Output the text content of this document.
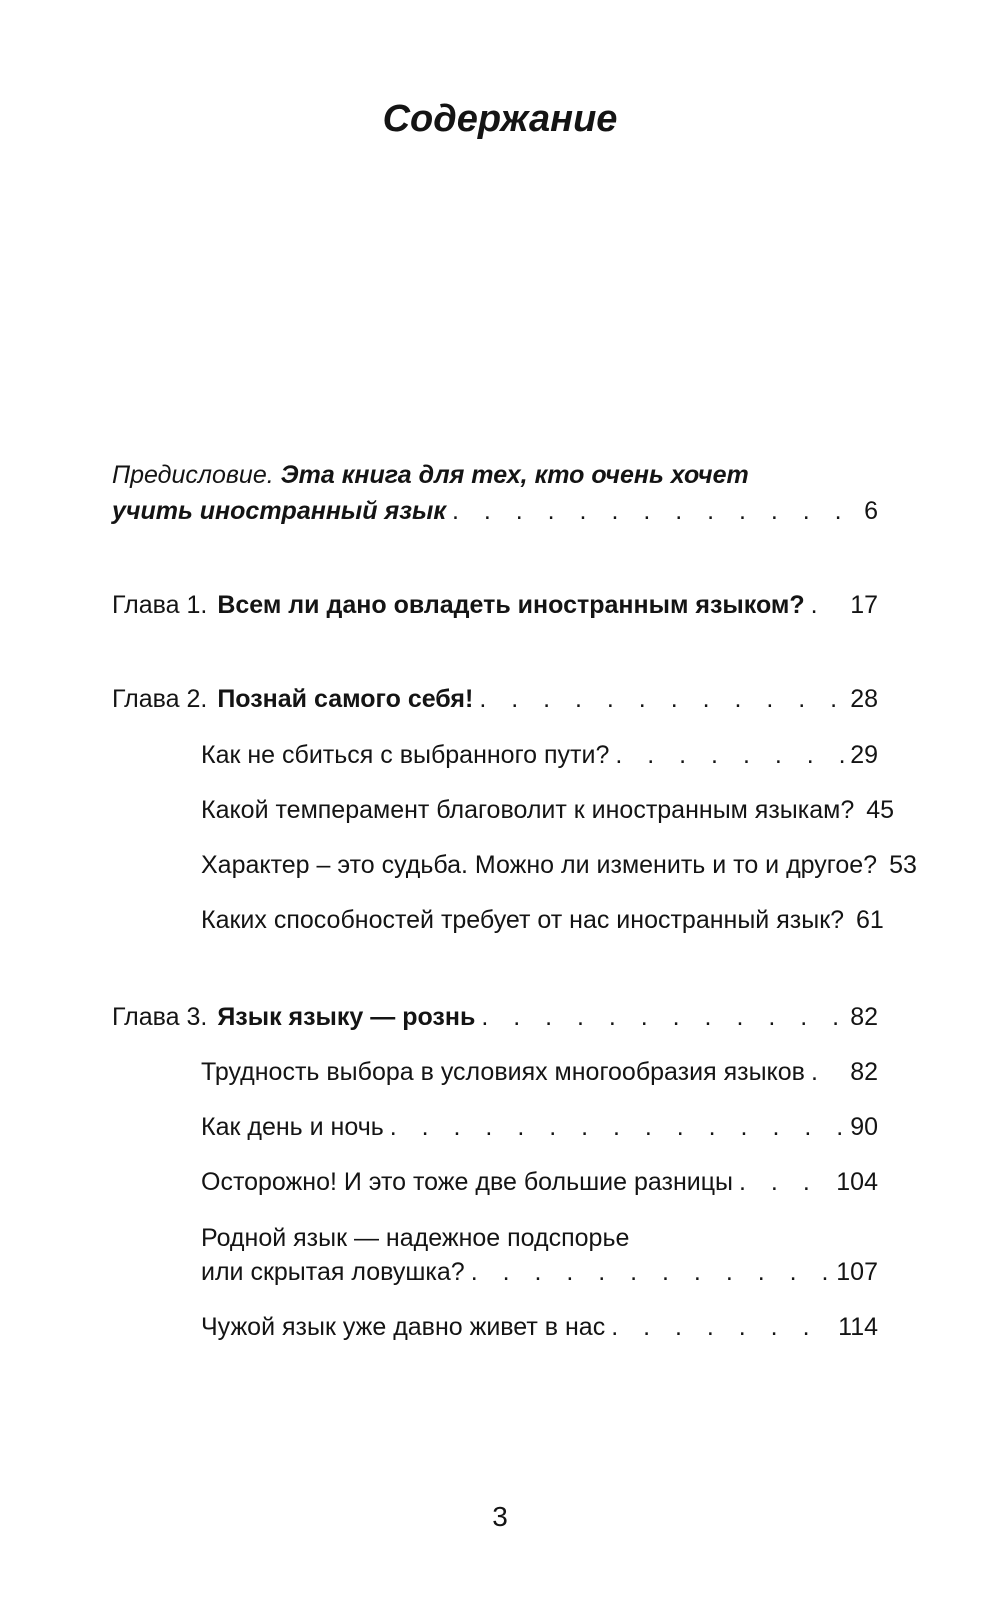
Содержание
Предисловие. Эта книга для тех, кто очень хочет
учить иностранный язык . . .	6
Глава 1. Всем ли дано овладеть иностранным языком? . . . 17
Глава 2. Познай самого себя! . . .	28
Как не сбиться с выбранного пути? . . .	29
Какой темперамент благоволит к иностранным языкам? 45
Характер – это судьба. Можно ли изменить и то и другое? 53
Каких способностей требует от нас иностранный язык? 61
Глава 3. Язык языку — рознь . . .	82
Трудность выбора в условиях многообразия языков . . . 82
Как день и ночь . . .	90
Осторожно! И это тоже две большие разницы . . .	104
Родной язык — надежное подспорье
или скрытая ловушка? . . .	107
Чужой язык уже давно живет в нас . . .	114
3
